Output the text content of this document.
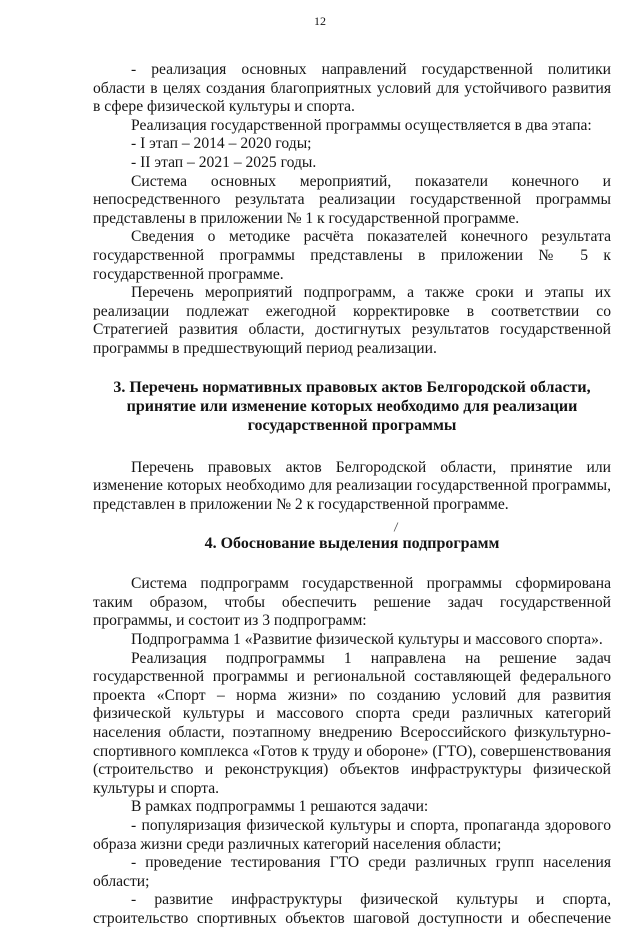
12

- реализация основных направлений государственной политики области в целях создания благоприятных условий для устойчивого развития в сфере физической культуры и спорта.

Реализация государственной программы осуществляется в два этапа:

- I этап – 2014 – 2020 годы;

- II этап – 2021 – 2025 годы.

Система основных мероприятий, показатели конечного и непосредственного результата реализации государственной программы представлены в приложении № 1 к государственной программе.

Сведения о методике расчёта показателей конечного результата государственной программы представлены в приложении № 5 к государственной программе.

Перечень мероприятий подпрограмм, а также сроки и этапы их реализации подлежат ежегодной корректировке в соответствии со Стратегией развития области, достигнутых результатов государственной программы в предшествующий период реализации.

3. Перечень нормативных правовых актов Белгородской области,

принятие или изменение которых необходимо для реализации

государственной программы

Перечень правовых актов Белгородской области, принятие или изменение которых необходимо для реализации государственной программы, представлен в приложении № 2 к государственной программе.

4. Обоснование выделения подпрограмм

Система подпрограмм государственной программы сформирована таким образом, чтобы обеспечить решение задач государственной программы, и состоит из 3 подпрограмм:

Подпрограмма 1 «Развитие физической культуры и массового спорта».

Реализация подпрограммы 1 направлена на решение задач государственной программы и региональной составляющей федерального проекта «Спорт – норма жизни» по созданию условий для развития физической культуры и массового спорта среди различных категорий населения области, поэтапному внедрению Всероссийского физкультурно-спортивного комплекса «Готов к труду и обороне» (ГТО), совершенствования (строительство и реконструкция) объектов инфраструктуры физической культуры и спорта.

В рамках подпрограммы 1 решаются задачи:

- популяризация физической культуры и спорта, пропаганда здорового образа жизни среди различных категорий населения области;

- проведение тестирования ГТО среди различных групп населения области;

- развитие инфраструктуры физической культуры и спорта, строительство спортивных объектов шаговой доступности и обеспечение
